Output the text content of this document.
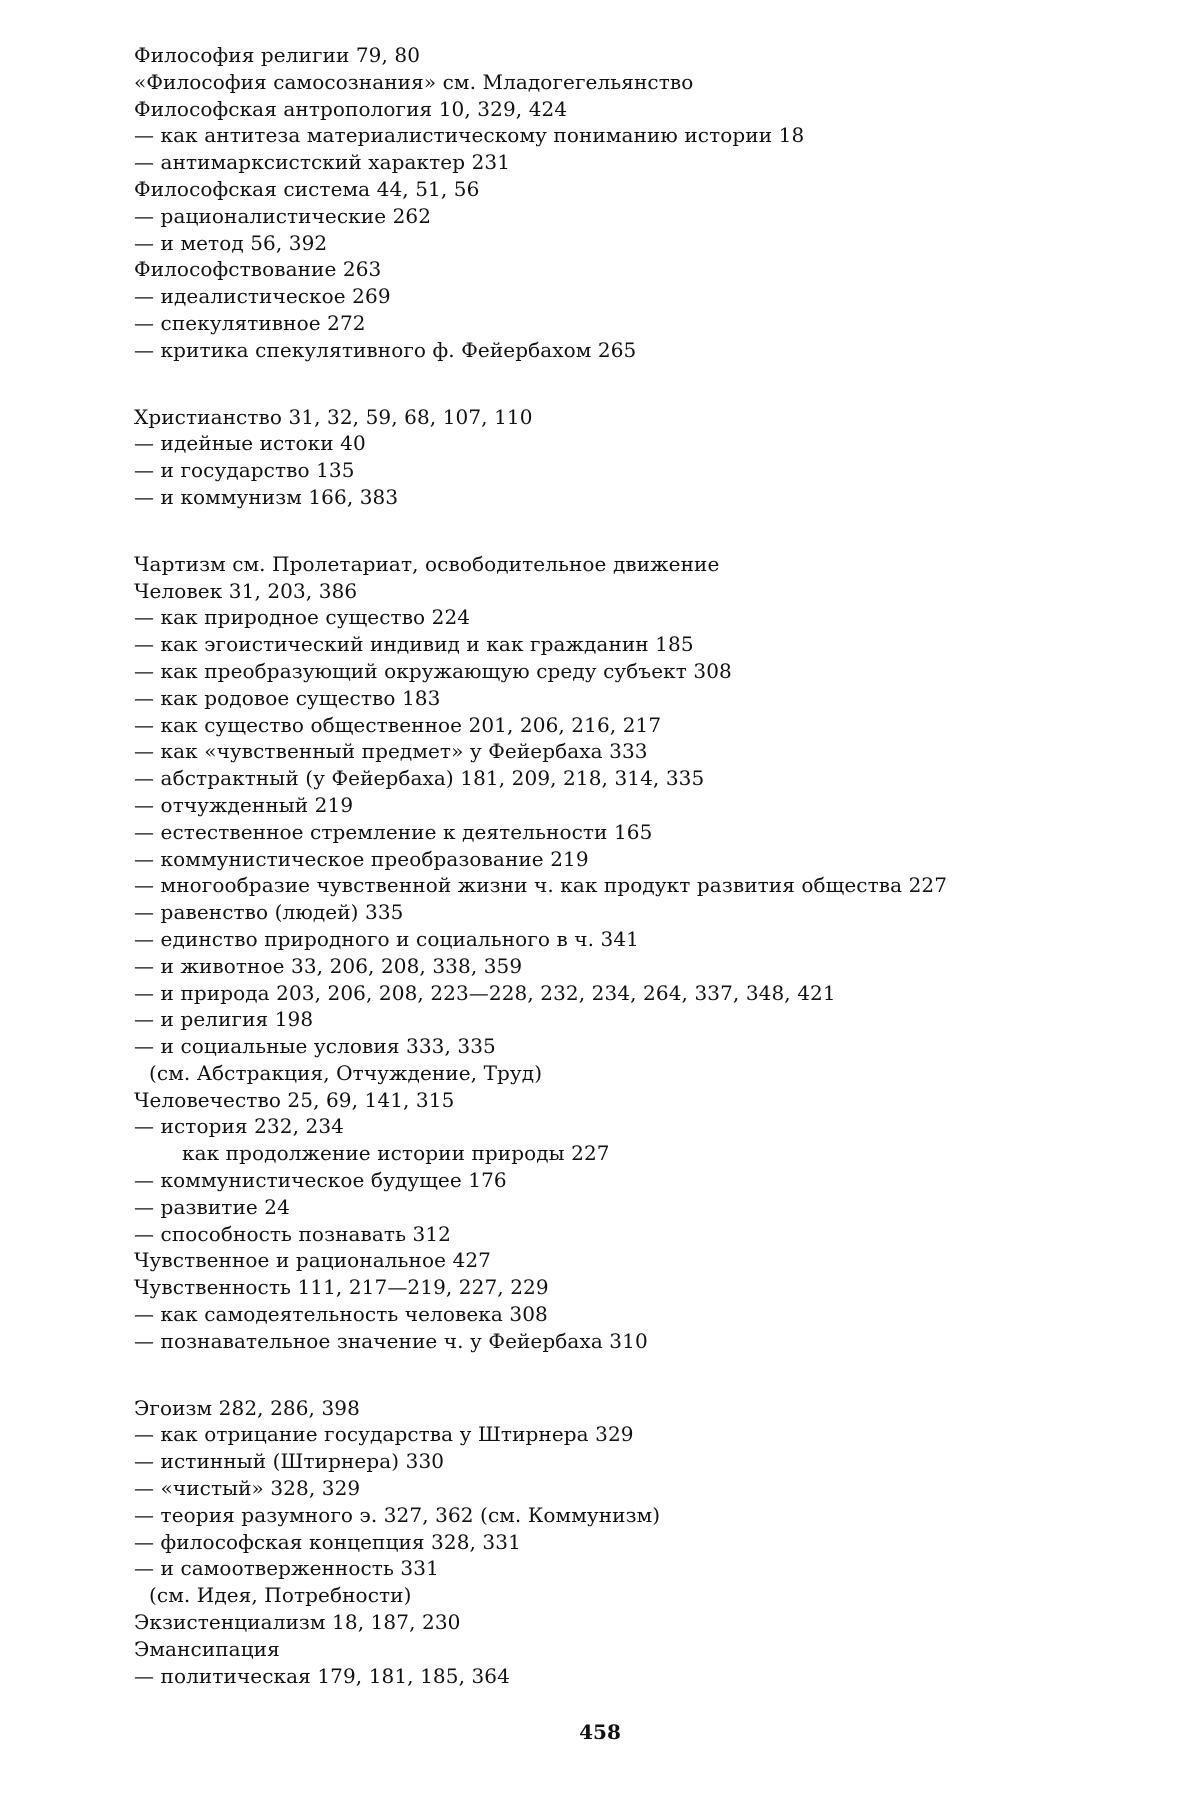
Философия религии 79, 80
«Философия самосознания» см. Младогегельянство
Философская антропология 10, 329, 424
— как антитеза материалистическому пониманию истории 18
— антимарксистский характер 231
Философская система 44, 51, 56
— рационалистические 262
— и метод 56, 392
Философствование 263
— идеалистическое 269
— спекулятивное 272
— критика спекулятивного ф. Фейербахом 265
Христианство 31, 32, 59, 68, 107, 110
— идейные истоки 40
— и государство 135
— и коммунизм 166, 383
Чартизм см. Пролетариат, освободительное движение
Человек 31, 203, 386
— как природное существо 224
— как эгоистический индивид и как гражданин 185
— как преобразующий окружающую среду субъект 308
— как родовое существо 183
— как существо общественное 201, 206, 216, 217
— как «чувственный предмет» у Фейербаха 333
— абстрактный (у Фейербаха) 181, 209, 218, 314, 335
— отчужденный 219
— естественное стремление к деятельности 165
— коммунистическое преобразование 219
— многообразие чувственной жизни ч. как продукт развития общества 227
— равенство (людей) 335
— единство природного и социального в ч. 341
— и животное 33, 206, 208, 338, 359
— и природа 203, 206, 208, 223—228, 232, 234, 264, 337, 348, 421
— и религия 198
— и социальные условия 333, 335
(см. Абстракция, Отчуждение, Труд)
Человечество 25, 69, 141, 315
— история 232, 234
как продолжение истории природы 227
— коммунистическое будущее 176
— развитие 24
— способность познавать 312
Чувственное и рациональное 427
Чувственность 111, 217—219, 227, 229
— как самодеятельность человека 308
— познавательное значение ч. у Фейербаха 310
Эгоизм 282, 286, 398
— как отрицание государства у Штирнера 329
— истинный (Штирнера) 330
— «чистый» 328, 329
— теория разумного э. 327, 362 (см. Коммунизм)
— философская концепция 328, 331
— и самоотверженность 331
(см. Идея, Потребности)
Экзистенциализм 18, 187, 230
Эмансипация
— политическая 179, 181, 185, 364
458
